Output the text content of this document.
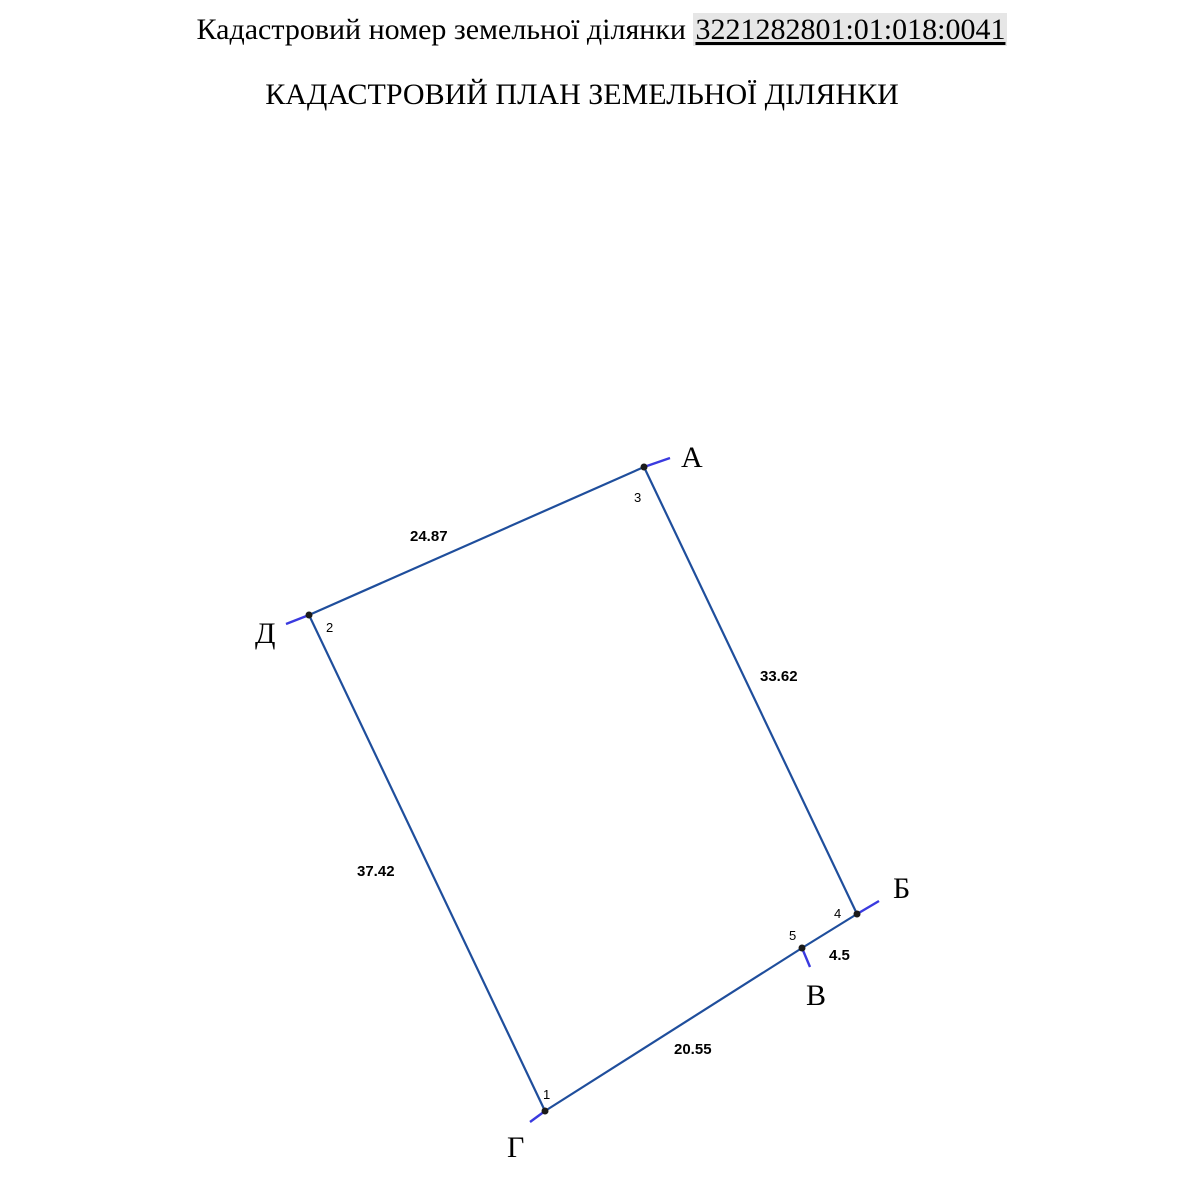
Кадастровий номер земельної ділянки 3221282801:01:018:0041
КАДАСТРОВИЙ ПЛАН ЗЕМЕЛЬНОЇ ДІЛЯНКИ
1
2
3
4
5
24.87
33.62
37.42
4.5
20.55
А
Б
В
Г
Д
